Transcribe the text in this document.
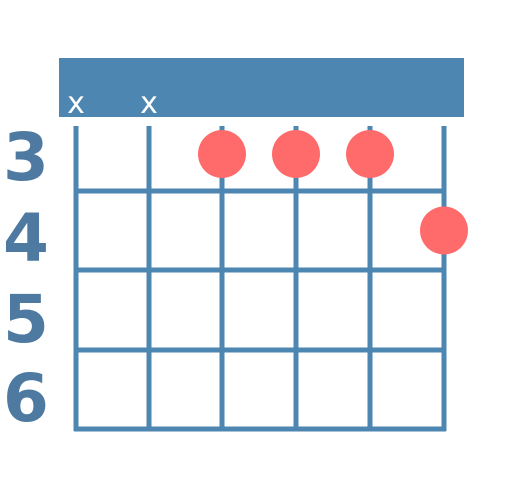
3
4
5
6
x x
